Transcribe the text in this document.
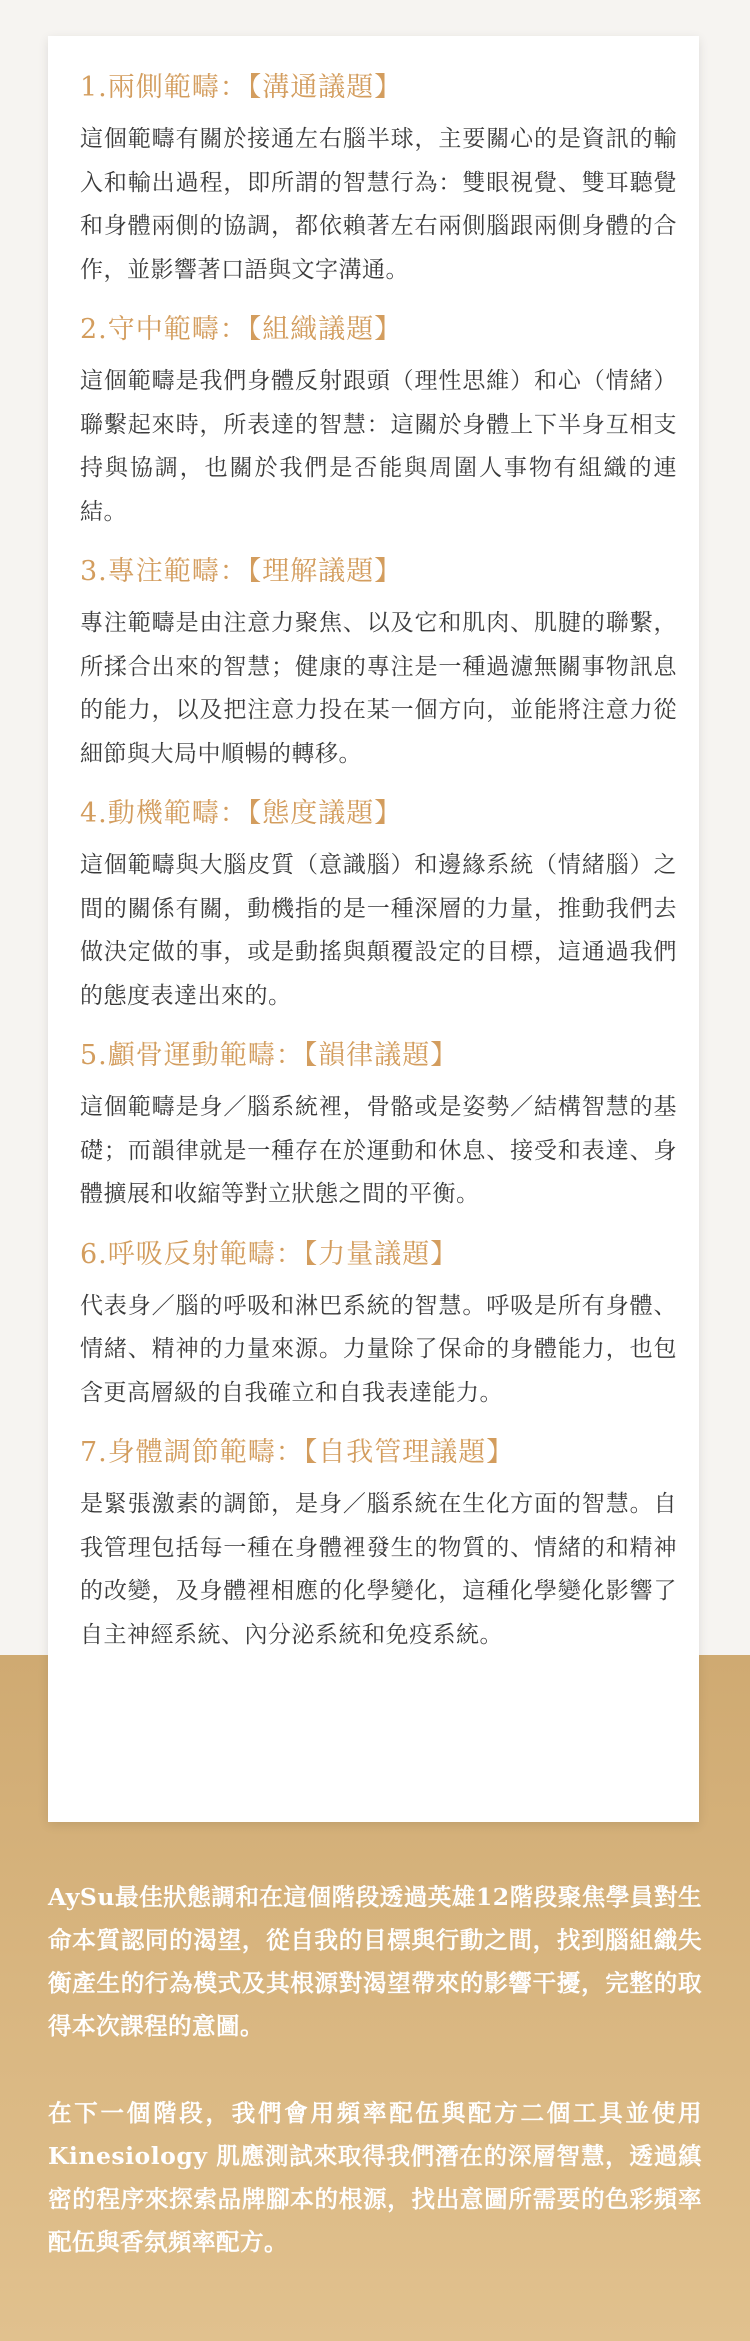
1.兩側範疇：【溝通議題】
這個範疇有關於接通左右腦半球，主要關心的是資訊的輸入和輸出過程，即所謂的智慧行為：雙眼視覺、雙耳聽覺和身體兩側的協調，都依賴著左右兩側腦跟兩側身體的合作，並影響著口語與文字溝通。
2.守中範疇：【組織議題】
這個範疇是我們身體反射跟頭（理性思維）和心（情緒）聯繫起來時，所表達的智慧：這關於身體上下半身互相支持與協調，也關於我們是否能與周圍人事物有組織的連結。
3.專注範疇：【理解議題】
專注範疇是由注意力聚焦、以及它和肌肉、肌腱的聯繫，所揉合出來的智慧；健康的專注是一種過濾無關事物訊息的能力，以及把注意力投在某一個方向，並能將注意力從細節與大局中順暢的轉移。
4.動機範疇：【態度議題】
這個範疇與大腦皮質（意識腦）和邊緣系統（情緒腦）之間的關係有關，動機指的是一種深層的力量，推動我們去做決定做的事，或是動搖與顛覆設定的目標，這通過我們的態度表達出來的。
5.顱骨運動範疇：【韻律議題】
這個範疇是身／腦系統裡，骨骼或是姿勢／結構智慧的基礎；而韻律就是一種存在於運動和休息、接受和表達、身體擴展和收縮等對立狀態之間的平衡。
6.呼吸反射範疇：【力量議題】
代表身／腦的呼吸和淋巴系統的智慧。呼吸是所有身體、情緒、精神的力量來源。力量除了保命的身體能力，也包含更高層級的自我確立和自我表達能力。
7.身體調節範疇：【自我管理議題】
是緊張激素的調節，是身／腦系統在生化方面的智慧。自我管理包括每一種在身體裡發生的物質的、情緒的和精神的改變，及身體裡相應的化學變化，這種化學變化影響了自主神經系統、內分泌系統和免疫系統。
AySu最佳狀態調和在這個階段透過英雄12階段聚焦學員對生命本質認同的渴望，從自我的目標與行動之間，找到腦組織失衡產生的行為模式及其根源對渴望帶來的影響干擾，完整的取得本次課程的意圖。
在下一個階段，我們會用頻率配伍與配方二個工具並使用 Kinesiology 肌應測試來取得我們潛在的深層智慧，透過縝密的程序來探索品牌腳本的根源，找出意圖所需要的色彩頻率配伍與香氛頻率配方。
